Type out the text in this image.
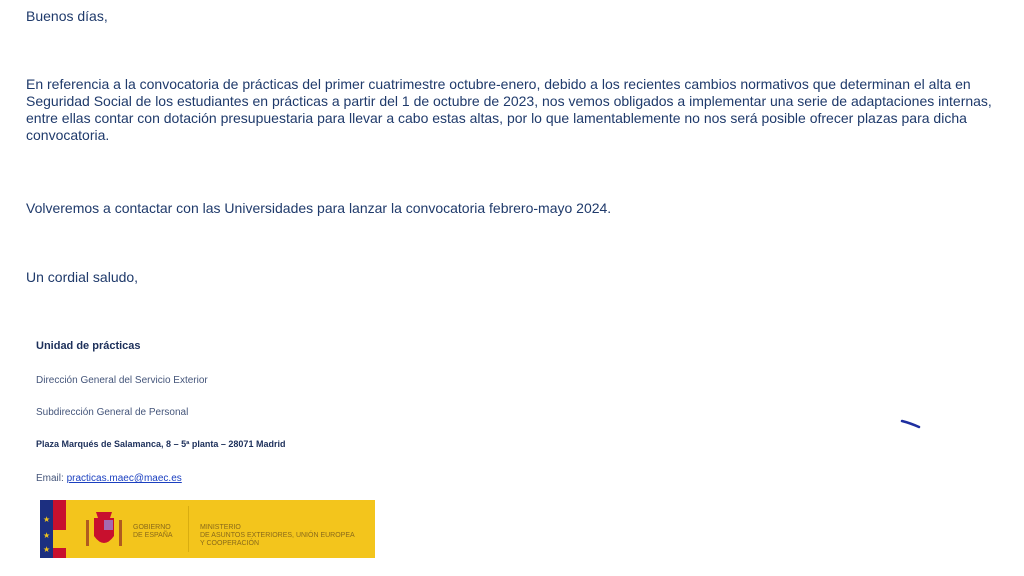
Buenos días,
En referencia a la convocatoria de prácticas del primer cuatrimestre octubre-enero, debido a los recientes cambios normativos que determinan el alta en Seguridad Social de los estudiantes en prácticas a partir del 1 de octubre de 2023, nos vemos obligados a implementar una serie de adaptaciones internas, entre ellas contar con dotación presupuestaria para llevar a cabo estas altas, por lo que lamentablemente no nos será posible ofrecer plazas para dicha convocatoria.
Volveremos a contactar con las Universidades para lanzar la convocatoria febrero-mayo 2024.
Un cordial saludo,
Unidad de prácticas
Dirección General del Servicio Exterior
Subdirección General de Personal
Plaza Marqués de Salamanca, 8 – 5ª planta – 28071 Madrid
Email: practicas.maec@maec.es
★
★
★
GOBIERNO
DE ESPAÑA
MINISTERIO
DE ASUNTOS EXTERIORES, UNIÓN EUROPEA
Y COOPERACIÓN
